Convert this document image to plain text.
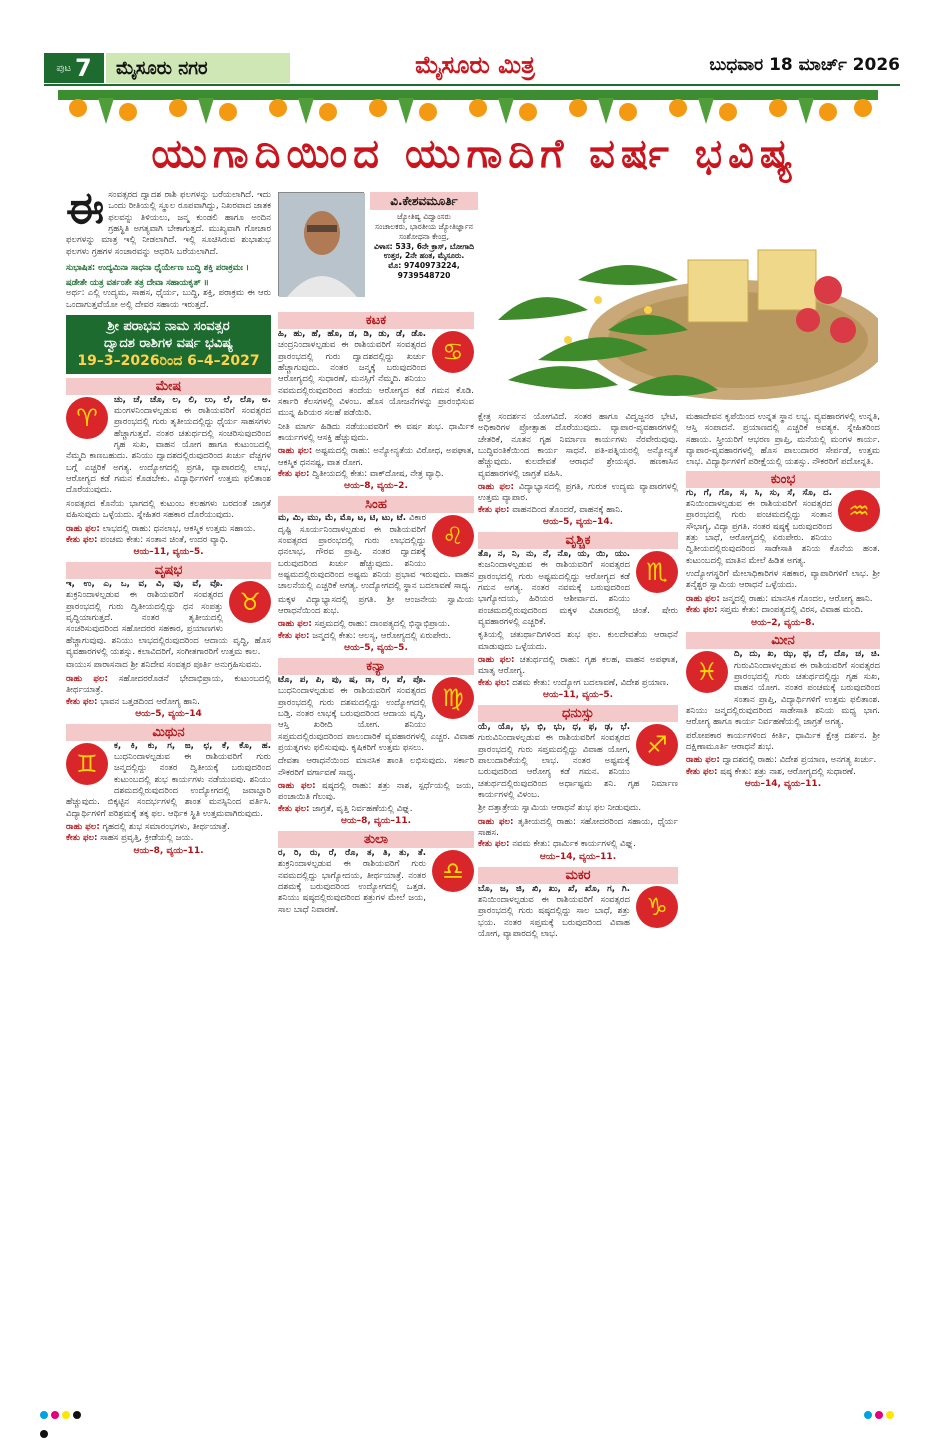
ಪುಟ 7	ಮೈಸೂರು ನಗರ	ಮೈಸೂರು ಮಿತ್ರ	ಬುಧವಾರ 18 ಮಾರ್ಚ್ 2026
ಯುಗಾದಿಯಿಂದ ಯುಗಾದಿಗೆ ವರ್ಷ ಭವಿಷ್ಯ
ಈ ಸಂವತ್ಸರದ ದ್ವಾದಶ ರಾಶಿ ಫಲಗಳನ್ನು ಬರೆಯಲಾಗಿದೆ. ಇದು ಒಂದು ರೀತಿಯಲ್ಲಿ ಸ್ಥೂಲ ರೂಪವಾಗಿದ್ದು, ನಿಖರವಾದ ಜಾತಕ ಫಲವನ್ನು ತಿಳಿಯಲು, ಜನ್ಮ ಕುಂಡಲಿ ಹಾಗೂ ಅಂದಿನ ಗ್ರಹಸ್ಥಿತಿ ಅಗತ್ಯವಾಗಿ ಬೇಕಾಗುತ್ತದೆ. ಮುಖ್ಯವಾಗಿ ಗೋಚಾರ ಫಲಗಳನ್ನು ಮಾತ್ರ ಇಲ್ಲಿ ನೀಡಲಾಗಿದೆ. ಇಲ್ಲಿ ಸೂಚಿಸಿರುವ ಶುಭಾಶುಭ ಫಲಗಳು ಗ್ರಹಗಳ ಸಂಚಾರವನ್ನು ಆಧರಿಸಿ ಬರೆಯಲಾಗಿದೆ.
ಸುಭಾಷಿತ: ಉದ್ಯಮಿನಾ ಸಾಧನಾ ಧೈರ್ಯೇಣ ಬುದ್ಧಿ ಶಕ್ತಿ ಪರಾಕ್ರಮಃ ।
ಷಡೇತೇ ಯತ್ರ ವರ್ತಂತೇ ತತ್ರ ದೇವಾ ಸಹಾಯಕೃತ್ ॥
ಅರ್ಥ: ಎಲ್ಲಿ ಉದ್ಯಮ, ಸಾಹಸ, ಧೈರ್ಯ, ಬುದ್ಧಿ, ಶಕ್ತಿ, ಪರಾಕ್ರಮ ಈ ಆರು ಒಂದಾಗುತ್ತವೆಯೋ ಅಲ್ಲಿ ದೇವರ ಸಹಾಯ ಇರುತ್ತದೆ.
ಶ್ರೀ ಪರಾಭವ ನಾಮ ಸಂವತ್ಸರ
ದ್ವಾದಶ ರಾಶಿಗಳ ವರ್ಷ ಭವಿಷ್ಯ
19–3–2026ರಿಂದ 6–4–2027
ಮೇಷ
♈
ಚು, ಚೆ, ಚೊ, ಲ, ಲಿ, ಲು, ಲೆ, ಲೊ, ಅ. ಮಂಗಳನಿಂದಾಳಲ್ಪಡುವ ಈ ರಾಶಿಯವರಿಗೆ ಸಂವತ್ಸರದ ಪ್ರಾರಂಭದಲ್ಲಿ ಗುರು ತೃತೀಯದಲ್ಲಿದ್ದು ಧೈರ್ಯ ಸಾಹಸಗಳು ಹೆಚ್ಚಾಗುತ್ತವೆ. ನಂತರ ಚತುರ್ಥದಲ್ಲಿ ಸಂಚರಿಸುವುದರಿಂದ ಗೃಹ ಸುಖ, ವಾಹನ ಯೋಗ ಹಾಗೂ ಕುಟುಂಬದಲ್ಲಿ ನೆಮ್ಮದಿ ಕಾಣಬಹುದು. ಶನಿಯು ದ್ವಾದಶದಲ್ಲಿರುವುದರಿಂದ ಖರ್ಚು ವೆಚ್ಚಗಳ ಬಗ್ಗೆ ಎಚ್ಚರಿಕೆ ಅಗತ್ಯ. ಉದ್ಯೋಗದಲ್ಲಿ ಪ್ರಗತಿ, ವ್ಯಾಪಾರದಲ್ಲಿ ಲಾಭ, ಆರೋಗ್ಯದ ಕಡೆ ಗಮನ ಕೊಡಬೇಕು. ವಿದ್ಯಾರ್ಥಿಗಳಿಗೆ ಉತ್ತಮ ಫಲಿತಾಂಶ ದೊರೆಯುವುದು.
ಸಂವತ್ಸರದ ಕೊನೆಯ ಭಾಗದಲ್ಲಿ ಕುಟುಂಬ ಕಲಹಗಳು ಬರದಂತೆ ಜಾಗ್ರತೆ ವಹಿಸುವುದು ಒಳ್ಳೆಯದು. ಸ್ನೇಹಿತರ ಸಹಕಾರ ದೊರೆಯುವುದು.
ರಾಹು ಫಲ: ಲಾಭದಲ್ಲಿ ರಾಹು: ಧನಲಾಭ, ಆಕಸ್ಮಿಕ ಉತ್ತಮ ಸಹಾಯ.
ಕೇತು ಫಲ: ಪಂಚಮ ಕೇತು: ಸಂತಾನ ಚಿಂತೆ, ಉದರ ವ್ಯಾಧಿ.
ಆಯ–11, ವ್ಯಯ–5.
ವೃಷಭ
♉
ಇ, ಉ, ಎ, ಒ, ವ, ವಿ, ವು, ವೆ, ವೊ. ಶುಕ್ರನಿಂದಾಳಲ್ಪಡುವ ಈ ರಾಶಿಯವರಿಗೆ ಸಂವತ್ಸರದ ಪ್ರಾರಂಭದಲ್ಲಿ ಗುರು ದ್ವಿತೀಯದಲ್ಲಿದ್ದು ಧನ ಸಂಪತ್ತು ವೃದ್ಧಿಯಾಗುತ್ತದೆ. ನಂತರ ತೃತೀಯದಲ್ಲಿ ಸಂಚರಿಸುವುದರಿಂದ ಸಹೋದರರ ಸಹಕಾರ, ಪ್ರಯಾಣಗಳು ಹೆಚ್ಚಾಗುವುವು. ಶನಿಯು ಲಾಭದಲ್ಲಿರುವುದರಿಂದ ಆದಾಯ ವೃದ್ಧಿ, ಹೊಸ ವ್ಯವಹಾರಗಳಲ್ಲಿ ಯಶಸ್ಸು. ಕಲಾವಿದರಿಗೆ, ಸಂಗೀತಗಾರರಿಗೆ ಉತ್ತಮ ಕಾಲ.
ವಾಯುಸ ಪಾರಾಸನಾದ ಶ್ರೀ ಶನಿದೇವ ಸಂವತ್ಸರ ಪೂರ್ತಿ ಅನುಗ್ರಹಿಸುವನು.
ರಾಹು ಫಲ: ಸಹೋದರರೊಡನೆ ಭೇದಾಭಿಪ್ರಾಯ, ಕುಟುಂಬದಲ್ಲಿ ತೀರ್ಥಯಾತ್ರೆ.
ಕೇತು ಫಲ: ಭಾವನ ಒತ್ತಡದಿಂದ ಆರೋಗ್ಯ ಹಾನಿ.
ಆಯ–5, ವ್ಯಯ–14
ಮಿಥುನ
♊
ಕ, ಕಿ, ಕು, ಗ, ಙ, ಛ, ಕೆ, ಕೊ, ಹ. ಬುಧನಿಂದಾಳಲ್ಪಡುವ ಈ ರಾಶಿಯವರಿಗೆ ಗುರು ಜನ್ಮದಲ್ಲಿದ್ದು ನಂತರ ದ್ವಿತೀಯಕ್ಕೆ ಬರುವುದರಿಂದ ಕುಟುಂಬದಲ್ಲಿ ಶುಭ ಕಾರ್ಯಗಳು ನಡೆಯುವವು. ಶನಿಯು ದಶಮದಲ್ಲಿರುವುದರಿಂದ ಉದ್ಯೋಗದಲ್ಲಿ ಜವಾಬ್ದಾರಿ ಹೆಚ್ಚುವುದು. ಬಿಕ್ಕಟ್ಟಿನ ಸಂದರ್ಭಗಳಲ್ಲಿ ಶಾಂತ ಮನಸ್ಸಿನಿಂದ ವರ್ತಿಸಿ. ವಿದ್ಯಾರ್ಥಿಗಳಿಗೆ ಪರಿಶ್ರಮಕ್ಕೆ ತಕ್ಕ ಫಲ. ಆರ್ಥಿಕ ಸ್ಥಿತಿ ಉತ್ತಮವಾಗಿರುವುದು.
ರಾಹು ಫಲ: ಗೃಹದಲ್ಲಿ ಶುಭ ಸಮಾರಂಭಗಳು, ತೀರ್ಥಯಾತ್ರೆ.
ಕೇತು ಫಲ: ಸಾಹಸ ಪ್ರವೃತ್ತಿ, ಕ್ರೀಡೆಯಲ್ಲಿ ಜಯ.
ಆಯ–8, ವ್ಯಯ–11.
ವಿ.ಕೇಶವಮೂರ್ತಿ
ಜ್ಯೋತಿಷ್ಯ ವಿದ್ವಾಂಸರು
ಸಂಚಾಲಕರು, ಭಾರತೀಯ ಜ್ಯೋತಿರ್ಜ್ಞಾನ ಸಂಶೋಧನಾ ಕೇಂದ್ರ,
ವಿಳಾಸ: 533, 6ನೇ ಕ್ರಾಸ್, ಬೋಗಾದಿ ಉತ್ತರ, 2ನೇ ಹಂತ, ಮೈಸೂರು.
ಮೊ: 9740973224, 9739548720
ಕಟಕ
♋
ಹಿ, ಹು, ಹೆ, ಹೊ, ಡ, ಡಿ, ಡು, ಡೆ, ಡೊ. ಚಂದ್ರನಿಂದಾಳಲ್ಪಡುವ ಈ ರಾಶಿಯವರಿಗೆ ಸಂವತ್ಸರದ ಪ್ರಾರಂಭದಲ್ಲಿ ಗುರು ದ್ವಾದಶದಲ್ಲಿದ್ದು ಖರ್ಚು ಹೆಚ್ಚಾಗುವುದು. ನಂತರ ಜನ್ಮಕ್ಕೆ ಬರುವುದರಿಂದ ಆರೋಗ್ಯದಲ್ಲಿ ಸುಧಾರಣೆ, ಮನಸ್ಸಿಗೆ ನೆಮ್ಮದಿ. ಶನಿಯು ನವಮದಲ್ಲಿರುವುದರಿಂದ ತಂದೆಯ ಆರೋಗ್ಯದ ಕಡೆ ಗಮನ ಕೊಡಿ. ಸರ್ಕಾರಿ ಕೆಲಸಗಳಲ್ಲಿ ವಿಳಂಬ. ಹೊಸ ಯೋಜನೆಗಳನ್ನು ಪ್ರಾರಂಭಿಸುವ ಮುನ್ನ ಹಿರಿಯರ ಸಲಹೆ ಪಡೆಯಿರಿ.
ನೀತಿ ಮಾರ್ಗ ಹಿಡಿದು ನಡೆಯುವವರಿಗೆ ಈ ವರ್ಷ ಶುಭ. ಧಾರ್ಮಿಕ ಕಾರ್ಯಗಳಲ್ಲಿ ಆಸಕ್ತಿ ಹೆಚ್ಚುವುದು.
ರಾಹು ಫಲ: ಅಷ್ಟಮದಲ್ಲಿ ರಾಹು: ಅನ್ಯೋನ್ಯತೆಯ ವಿರೋಧ, ಅಪಘಾತ, ಆಕಸ್ಮಿಕ ಧನನಷ್ಟ, ವಾತ ರೋಗ.
ಕೇತು ಫಲ: ದ್ವಿತೀಯದಲ್ಲಿ ಕೇತು: ವಾಕ್‌ದೋಷ, ನೇತ್ರ ವ್ಯಾಧಿ.
ಆಯ–8, ವ್ಯಯ–2.
ಸಿಂಹ
♌
ಮ, ಮಿ, ಮು, ಮೆ, ಮೊ, ಟ, ಟಿ, ಟು, ಟೆ. ವಿಕಾರ ದೃಷ್ಟಿ ಸೂರ್ಯನಿಂದಾಳಲ್ಪಡುವ ಈ ರಾಶಿಯವರಿಗೆ ಸಂವತ್ಸರದ ಪ್ರಾರಂಭದಲ್ಲಿ ಗುರು ಲಾಭದಲ್ಲಿದ್ದು ಧನಲಾಭ, ಗೌರವ ಪ್ರಾಪ್ತಿ. ನಂತರ ದ್ವಾದಶಕ್ಕೆ ಬರುವುದರಿಂದ ಖರ್ಚು ಹೆಚ್ಚುವುದು. ಶನಿಯು ಅಷ್ಟಮದಲ್ಲಿರುವುದರಿಂದ ಅಷ್ಟಮ ಶನಿಯ ಪ್ರಭಾವ ಇರುವುದು. ವಾಹನ ಚಾಲನೆಯಲ್ಲಿ ಎಚ್ಚರಿಕೆ ಅಗತ್ಯ. ಉದ್ಯೋಗದಲ್ಲಿ ಸ್ಥಾನ ಬದಲಾವಣೆ ಸಾಧ್ಯ.
ಮಕ್ಕಳ ವಿದ್ಯಾಭ್ಯಾಸದಲ್ಲಿ ಪ್ರಗತಿ. ಶ್ರೀ ಆಂಜನೇಯ ಸ್ವಾಮಿಯ ಆರಾಧನೆಯಿಂದ ಶುಭ.
ರಾಹು ಫಲ: ಸಪ್ತಮದಲ್ಲಿ ರಾಹು: ದಾಂಪತ್ಯದಲ್ಲಿ ಭಿನ್ನಾಭಿಪ್ರಾಯ.
ಕೇತು ಫಲ: ಜನ್ಮದಲ್ಲಿ ಕೇತು: ಆಲಸ್ಯ, ಆರೋಗ್ಯದಲ್ಲಿ ಏರುಪೇರು.
ಆಯ–5, ವ್ಯಯ–5.
ಕನ್ಯಾ
♍
ಟೊ, ಪ, ಪಿ, ಪು, ಷ, ಣ, ಠ, ಪೆ, ಪೊ. ಬುಧನಿಂದಾಳಲ್ಪಡುವ ಈ ರಾಶಿಯವರಿಗೆ ಸಂವತ್ಸರದ ಪ್ರಾರಂಭದಲ್ಲಿ ಗುರು ದಶಮದಲ್ಲಿದ್ದು ಉದ್ಯೋಗದಲ್ಲಿ ಬಡ್ತಿ. ನಂತರ ಲಾಭಕ್ಕೆ ಬರುವುದರಿಂದ ಆದಾಯ ವೃದ್ಧಿ, ಆಸ್ತಿ ಖರೀದಿ ಯೋಗ. ಶನಿಯು ಸಪ್ತಮದಲ್ಲಿರುವುದರಿಂದ ಪಾಲುದಾರಿಕೆ ವ್ಯವಹಾರಗಳಲ್ಲಿ ಎಚ್ಚರ. ವಿವಾಹ ಪ್ರಯತ್ನಗಳು ಫಲಿಸುವುವು. ಕೃಷಿಕರಿಗೆ ಉತ್ತಮ ಫಸಲು.
ದೇವತಾ ಆರಾಧನೆಯಿಂದ ಮಾನಸಿಕ ಶಾಂತಿ ಲಭಿಸುವುದು. ಸರ್ಕಾರಿ ನೌಕರರಿಗೆ ವರ್ಗಾವಣೆ ಸಾಧ್ಯ.
ರಾಹು ಫಲ: ಷಷ್ಠದಲ್ಲಿ ರಾಹು: ಶತ್ರು ನಾಶ, ಸ್ಪರ್ಧೆಯಲ್ಲಿ ಜಯ, ಪಂಚಾಯಿತಿ ಗೆಲುವು.
ಕೇತು ಫಲ: ಜಾಗ್ರತೆ, ವೃತ್ತಿ ನಿರ್ವಹಣೆಯಲ್ಲಿ ವಿಘ್ನ.
ಆಯ–8, ವ್ಯಯ–11.
ತುಲಾ
♎
ರ, ರಿ, ರು, ರೆ, ರೊ, ತ, ತಿ, ತು, ತೆ. ಶುಕ್ರನಿಂದಾಳಲ್ಪಡುವ ಈ ರಾಶಿಯವರಿಗೆ ಗುರು ನವಮದಲ್ಲಿದ್ದು ಭಾಗ್ಯೋದಯ, ತೀರ್ಥಯಾತ್ರೆ. ನಂತರ ದಶಮಕ್ಕೆ ಬರುವುದರಿಂದ ಉದ್ಯೋಗದಲ್ಲಿ ಒತ್ತಡ. ಶನಿಯು ಷಷ್ಠದಲ್ಲಿರುವುದರಿಂದ ಶತ್ರುಗಳ ಮೇಲೆ ಜಯ, ಸಾಲ ಬಾಧೆ ನಿವಾರಣೆ.
ಕ್ಷೇತ್ರ ಸಂದರ್ಶನ ಯೋಗವಿದೆ. ಸಂತರ ಹಾಗೂ ವಿದ್ವಜ್ಜನರ ಭೇಟಿ, ಅಧಿಕಾರಿಗಳ ಪ್ರೋತ್ಸಾಹ ದೊರೆಯುವುದು. ವ್ಯಾಪಾರ-ವ್ಯವಹಾರಗಳಲ್ಲಿ ಚೇತರಿಕೆ, ನೂತನ ಗೃಹ ನಿರ್ಮಾಣ ಕಾರ್ಯಗಳು ನೆರವೇರುವುವು. ಬುದ್ಧಿವಂತಿಕೆಯಿಂದ ಕಾರ್ಯ ಸಾಧನೆ. ಪತಿ-ಪತ್ನಿಯರಲ್ಲಿ ಅನ್ಯೋನ್ಯತೆ ಹೆಚ್ಚುವುದು. ಕುಲದೇವತೆ ಆರಾಧನೆ ಶ್ರೇಯಸ್ಕರ. ಹಣಕಾಸಿನ ವ್ಯವಹಾರಗಳಲ್ಲಿ ಜಾಗ್ರತೆ ವಹಿಸಿ.
ರಾಹು ಫಲ: ವಿದ್ಯಾಭ್ಯಾಸದಲ್ಲಿ ಪ್ರಗತಿ, ಗುರುಕ ಉದ್ಯಮ ವ್ಯಾಪಾರಗಳಲ್ಲಿ ಉತ್ತಮ ವ್ಯಾಪಾರ.
ಕೇತು ಫಲ: ವಾಹನದಿಂದ ತೊಂದರೆ, ವಾಹನಕ್ಕೆ ಹಾನಿ.
ಆಯ–5, ವ್ಯಯ–14.
ವೃಶ್ಚಿಕ
♏
ತೊ, ನ, ನಿ, ನು, ನೆ, ನೊ, ಯ, ಯಿ, ಯು. ಕುಜನಿಂದಾಳಲ್ಪಡುವ ಈ ರಾಶಿಯವರಿಗೆ ಸಂವತ್ಸರದ ಪ್ರಾರಂಭದಲ್ಲಿ ಗುರು ಅಷ್ಟಮದಲ್ಲಿದ್ದು ಆರೋಗ್ಯದ ಕಡೆ ಗಮನ ಅಗತ್ಯ. ನಂತರ ನವಮಕ್ಕೆ ಬರುವುದರಿಂದ ಭಾಗ್ಯೋದಯ, ಹಿರಿಯರ ಆಶೀರ್ವಾದ. ಶನಿಯು ಪಂಚಮದಲ್ಲಿರುವುದರಿಂದ ಮಕ್ಕಳ ವಿಚಾರದಲ್ಲಿ ಚಿಂತೆ. ಷೇರು ವ್ಯವಹಾರಗಳಲ್ಲಿ ಎಚ್ಚರಿಕೆ.
ಕೃತಿಯಲ್ಲಿ ಚತುರ್ಥಾದಿಗಳಿಂದ ಶುಭ ಫಲ. ಕುಲದೇವತೆಯ ಆರಾಧನೆ ಮಾಡುವುದು ಒಳ್ಳೆಯದು.
ರಾಹು ಫಲ: ಚತುರ್ಥದಲ್ಲಿ ರಾಹು: ಗೃಹ ಕಲಹ, ವಾಹನ ಅಪಘಾತ, ಮಾತೃ ಆರೋಗ್ಯ.
ಕೇತು ಫಲ: ದಶಮ ಕೇತು: ಉದ್ಯೋಗ ಬದಲಾವಣೆ, ವಿದೇಶ ಪ್ರಯಾಣ.
ಆಯ–11, ವ್ಯಯ–5.
ಧನುಸ್ಸು
♐
ಯೆ, ಯೊ, ಭ, ಭಿ, ಭು, ಧ, ಫ, ಢ, ಭೆ. ಗುರುವಿನಿಂದಾಳಲ್ಪಡುವ ಈ ರಾಶಿಯವರಿಗೆ ಸಂವತ್ಸರದ ಪ್ರಾರಂಭದಲ್ಲಿ ಗುರು ಸಪ್ತಮದಲ್ಲಿದ್ದು ವಿವಾಹ ಯೋಗ, ಪಾಲುದಾರಿಕೆಯಲ್ಲಿ ಲಾಭ. ನಂತರ ಅಷ್ಟಮಕ್ಕೆ ಬರುವುದರಿಂದ ಆರೋಗ್ಯ ಕಡೆ ಗಮನ. ಶನಿಯು ಚತುರ್ಥದಲ್ಲಿರುವುದರಿಂದ ಅರ್ಧಾಷ್ಟಮ ಶನಿ. ಗೃಹ ನಿರ್ಮಾಣ ಕಾರ್ಯಗಳಲ್ಲಿ ವಿಳಂಬ.
ಶ್ರೀ ದತ್ತಾತ್ರೇಯ ಸ್ವಾಮಿಯ ಆರಾಧನೆ ಶುಭ ಫಲ ನೀಡುವುದು.
ರಾಹು ಫಲ: ತೃತೀಯದಲ್ಲಿ ರಾಹು: ಸಹೋದರರಿಂದ ಸಹಾಯ, ಧೈರ್ಯ ಸಾಹಸ.
ಕೇತು ಫಲ: ನವಮ ಕೇತು: ಧಾರ್ಮಿಕ ಕಾರ್ಯಗಳಲ್ಲಿ ವಿಘ್ನ.
ಆಯ–14, ವ್ಯಯ–11.
ಮಕರ
♑
ಬೊ, ಜ, ಜಿ, ಖಿ, ಖು, ಖೆ, ಖೊ, ಗ, ಗಿ. ಶನಿಯಿಂದಾಳಲ್ಪಡುವ ಈ ರಾಶಿಯವರಿಗೆ ಸಂವತ್ಸರದ ಪ್ರಾರಂಭದಲ್ಲಿ ಗುರು ಷಷ್ಠದಲ್ಲಿದ್ದು ಸಾಲ ಬಾಧೆ, ಶತ್ರು ಭಯ. ನಂತರ ಸಪ್ತಮಕ್ಕೆ ಬರುವುದರಿಂದ ವಿವಾಹ ಯೋಗ, ವ್ಯಾಪಾರದಲ್ಲಿ ಲಾಭ.
ಮಹಾದೇವನ ಕೃಪೆಯಿಂದ ಉನ್ನತ ಸ್ಥಾನ ಲಭ್ಯ. ವ್ಯವಹಾರಗಳಲ್ಲಿ ಉನ್ನತಿ, ಆಸ್ತಿ ಸಂಪಾದನೆ. ಪ್ರಯಾಣದಲ್ಲಿ ಎಚ್ಚರಿಕೆ ಅವಶ್ಯಕ. ಸ್ನೇಹಿತರಿಂದ ಸಹಾಯ. ಸ್ತ್ರೀಯರಿಗೆ ಆಭರಣ ಪ್ರಾಪ್ತಿ, ಮನೆಯಲ್ಲಿ ಮಂಗಳ ಕಾರ್ಯ. ವ್ಯಾಪಾರ-ವ್ಯವಹಾರಗಳಲ್ಲಿ ಹೊಸ ಪಾಲುದಾರರ ಸೇರ್ಪಡೆ, ಉತ್ತಮ ಲಾಭ. ವಿದ್ಯಾರ್ಥಿಗಳಿಗೆ ಪರೀಕ್ಷೆಯಲ್ಲಿ ಯಶಸ್ಸು. ನೌಕರರಿಗೆ ಪದೋನ್ನತಿ.
ಕುಂಭ
♒
ಗು, ಗೆ, ಗೊ, ಸ, ಸಿ, ಸು, ಸೆ, ಸೊ, ದ. ಶನಿಯಿಂದಾಳಲ್ಪಡುವ ಈ ರಾಶಿಯವರಿಗೆ ಸಂವತ್ಸರದ ಪ್ರಾರಂಭದಲ್ಲಿ ಗುರು ಪಂಚಮದಲ್ಲಿದ್ದು ಸಂತಾನ ಸೌಭಾಗ್ಯ, ವಿದ್ಯಾ ಪ್ರಗತಿ. ನಂತರ ಷಷ್ಠಕ್ಕೆ ಬರುವುದರಿಂದ ಶತ್ರು ಬಾಧೆ, ಆರೋಗ್ಯದಲ್ಲಿ ಏರುಪೇರು. ಶನಿಯು ದ್ವಿತೀಯದಲ್ಲಿರುವುದರಿಂದ ಸಾಡೇಸಾತಿ ಶನಿಯ ಕೊನೆಯ ಹಂತ. ಕುಟುಂಬದಲ್ಲಿ ಮಾತಿನ ಮೇಲೆ ಹಿಡಿತ ಅಗತ್ಯ.
ಉದ್ಯೋಗಸ್ಥರಿಗೆ ಮೇಲಾಧಿಕಾರಿಗಳ ಸಹಕಾರ, ವ್ಯಾಪಾರಿಗಳಿಗೆ ಲಾಭ. ಶ್ರೀ ಶನೈಶ್ಚರ ಸ್ವಾಮಿಯ ಆರಾಧನೆ ಒಳ್ಳೆಯದು.
ರಾಹು ಫಲ: ಜನ್ಮದಲ್ಲಿ ರಾಹು: ಮಾನಸಿಕ ಗೊಂದಲ, ಆರೋಗ್ಯ ಹಾನಿ.
ಕೇತು ಫಲ: ಸಪ್ತಮ ಕೇತು: ದಾಂಪತ್ಯದಲ್ಲಿ ವಿರಸ, ವಿವಾಹ ಮಂದಿ.
ಆಯ–2, ವ್ಯಯ–8.
ಮೀನ
♓
ದಿ, ದು, ಖ, ಝ, ಥ, ದೆ, ದೊ, ಚ, ಚಿ. ಗುರುವಿನಿಂದಾಳಲ್ಪಡುವ ಈ ರಾಶಿಯವರಿಗೆ ಸಂವತ್ಸರದ ಪ್ರಾರಂಭದಲ್ಲಿ ಗುರು ಚತುರ್ಥದಲ್ಲಿದ್ದು ಗೃಹ ಸುಖ, ವಾಹನ ಯೋಗ. ನಂತರ ಪಂಚಮಕ್ಕೆ ಬರುವುದರಿಂದ ಸಂತಾನ ಪ್ರಾಪ್ತಿ, ವಿದ್ಯಾರ್ಥಿಗಳಿಗೆ ಉತ್ತಮ ಫಲಿತಾಂಶ. ಶನಿಯು ಜನ್ಮದಲ್ಲಿರುವುದರಿಂದ ಸಾಡೇಸಾತಿ ಶನಿಯ ಮಧ್ಯ ಭಾಗ. ಆರೋಗ್ಯ ಹಾಗೂ ಕಾರ್ಯ ನಿರ್ವಹಣೆಯಲ್ಲಿ ಜಾಗ್ರತೆ ಅಗತ್ಯ.
ಪರೋಪಕಾರ ಕಾರ್ಯಗಳಿಂದ ಕೀರ್ತಿ, ಧಾರ್ಮಿಕ ಕ್ಷೇತ್ರ ದರ್ಶನ. ಶ್ರೀ ದಕ್ಷಿಣಾಮೂರ್ತಿ ಆರಾಧನೆ ಶುಭ.
ರಾಹು ಫಲ: ದ್ವಾದಶದಲ್ಲಿ ರಾಹು: ವಿದೇಶ ಪ್ರಯಾಣ, ಅನಗತ್ಯ ಖರ್ಚು.
ಕೇತು ಫಲ: ಷಷ್ಠ ಕೇತು: ಶತ್ರು ನಾಶ, ಆರೋಗ್ಯದಲ್ಲಿ ಸುಧಾರಣೆ.
ಆಯ–14, ವ್ಯಯ–11.
